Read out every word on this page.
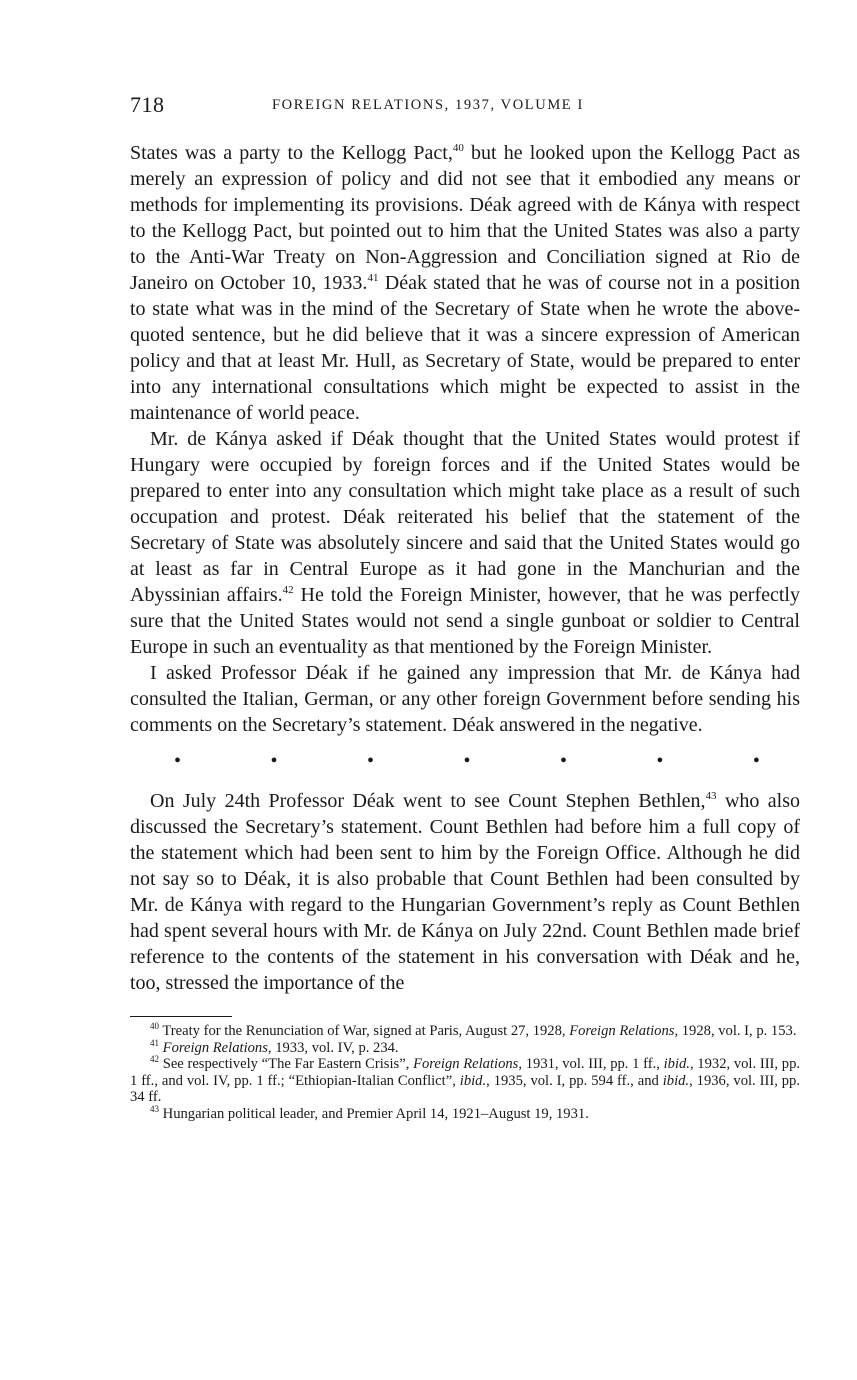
718	FOREIGN RELATIONS, 1937, VOLUME I

States was a party to the Kellogg Pact,$^{40}$ but he looked upon the Kellogg Pact as merely an expression of policy and did not see that it embodied any means or methods for implementing its provisions. Déak agreed with de Kánya with respect to the Kellogg Pact, but pointed out to him that the United States was also a party to the Anti-War Treaty on Non-Aggression and Conciliation signed at Rio de Janeiro on October 10, 1933.41 Déak stated that he was of course not in a position to state what was in the mind of the Secretary of State when he wrote the above-quoted sentence, but he did believe that it was a sincere expression of American policy and that at least Mr. Hull, as Secretary of State, would be prepared to enter into any international consultations which might be expected to assist in the maintenance of world peace.

Mr. de Kánya asked if Déak thought that the United States would protest if Hungary were occupied by foreign forces and if the United States would be prepared to enter into any consultation which might take place as a result of such occupation and protest. Déak reiterated his belief that the statement of the Secretary of State was absolutely sincere and said that the United States would go at least as far in Central Europe as it had gone in the Manchurian and the Abyssinian affairs.$^{42}$ He told the Foreign Minister, however, that he was perfectly sure that the United States would not send a single gunboat or soldier to Central Europe in such an eventuality as that mentioned by the Foreign Minister.

I asked Professor Déak if he gained any impression that Mr. de Kánya had consulted the Italian, German, or any other foreign Government before sending his comments on the Secretary’s statement. Déak answered in the negative.

•	•	•	•	•	•	•

On July 24th Professor Déak went to see Count Stephen Bethlen,$^{43}$ who also discussed the Secretary’s statement. Count Bethlen had before him a full copy of the statement which had been sent to him by the Foreign Office. Although he did not say so to Déak, it is also probable that Count Bethlen had been consulted by Mr. de Kánya with regard to the Hungarian Government’s reply as Count Bethlen had spent several hours with Mr. de Kánya on July 22nd. Count Bethlen made brief reference to the contents of the statement in his conversation with Déak and he, too, stressed the importance of the

$^{40}$ Treaty for the Renunciation of War, signed at Paris, August 27, 1928, Foreign Relations, 1928, vol. I, p. 153.

$^{41}$ Foreign Relations, 1933, vol. IV, p. 234.

$^{42}$ See respectively “The Far Eastern Crisis”, Foreign Relations, 1931, vol. III, pp. 1 ff., ibid., 1932, vol. III, pp. 1 ff., and vol. IV, pp. 1 ff.; “Ethiopian-Italian Conflict”, ibid., 1935, vol. I, pp. 594 ff., and ibid., 1936, vol. III, pp. 34 ff.

$^{43}$ Hungarian political leader, and Premier April 14, 1921–August 19, 1931.
